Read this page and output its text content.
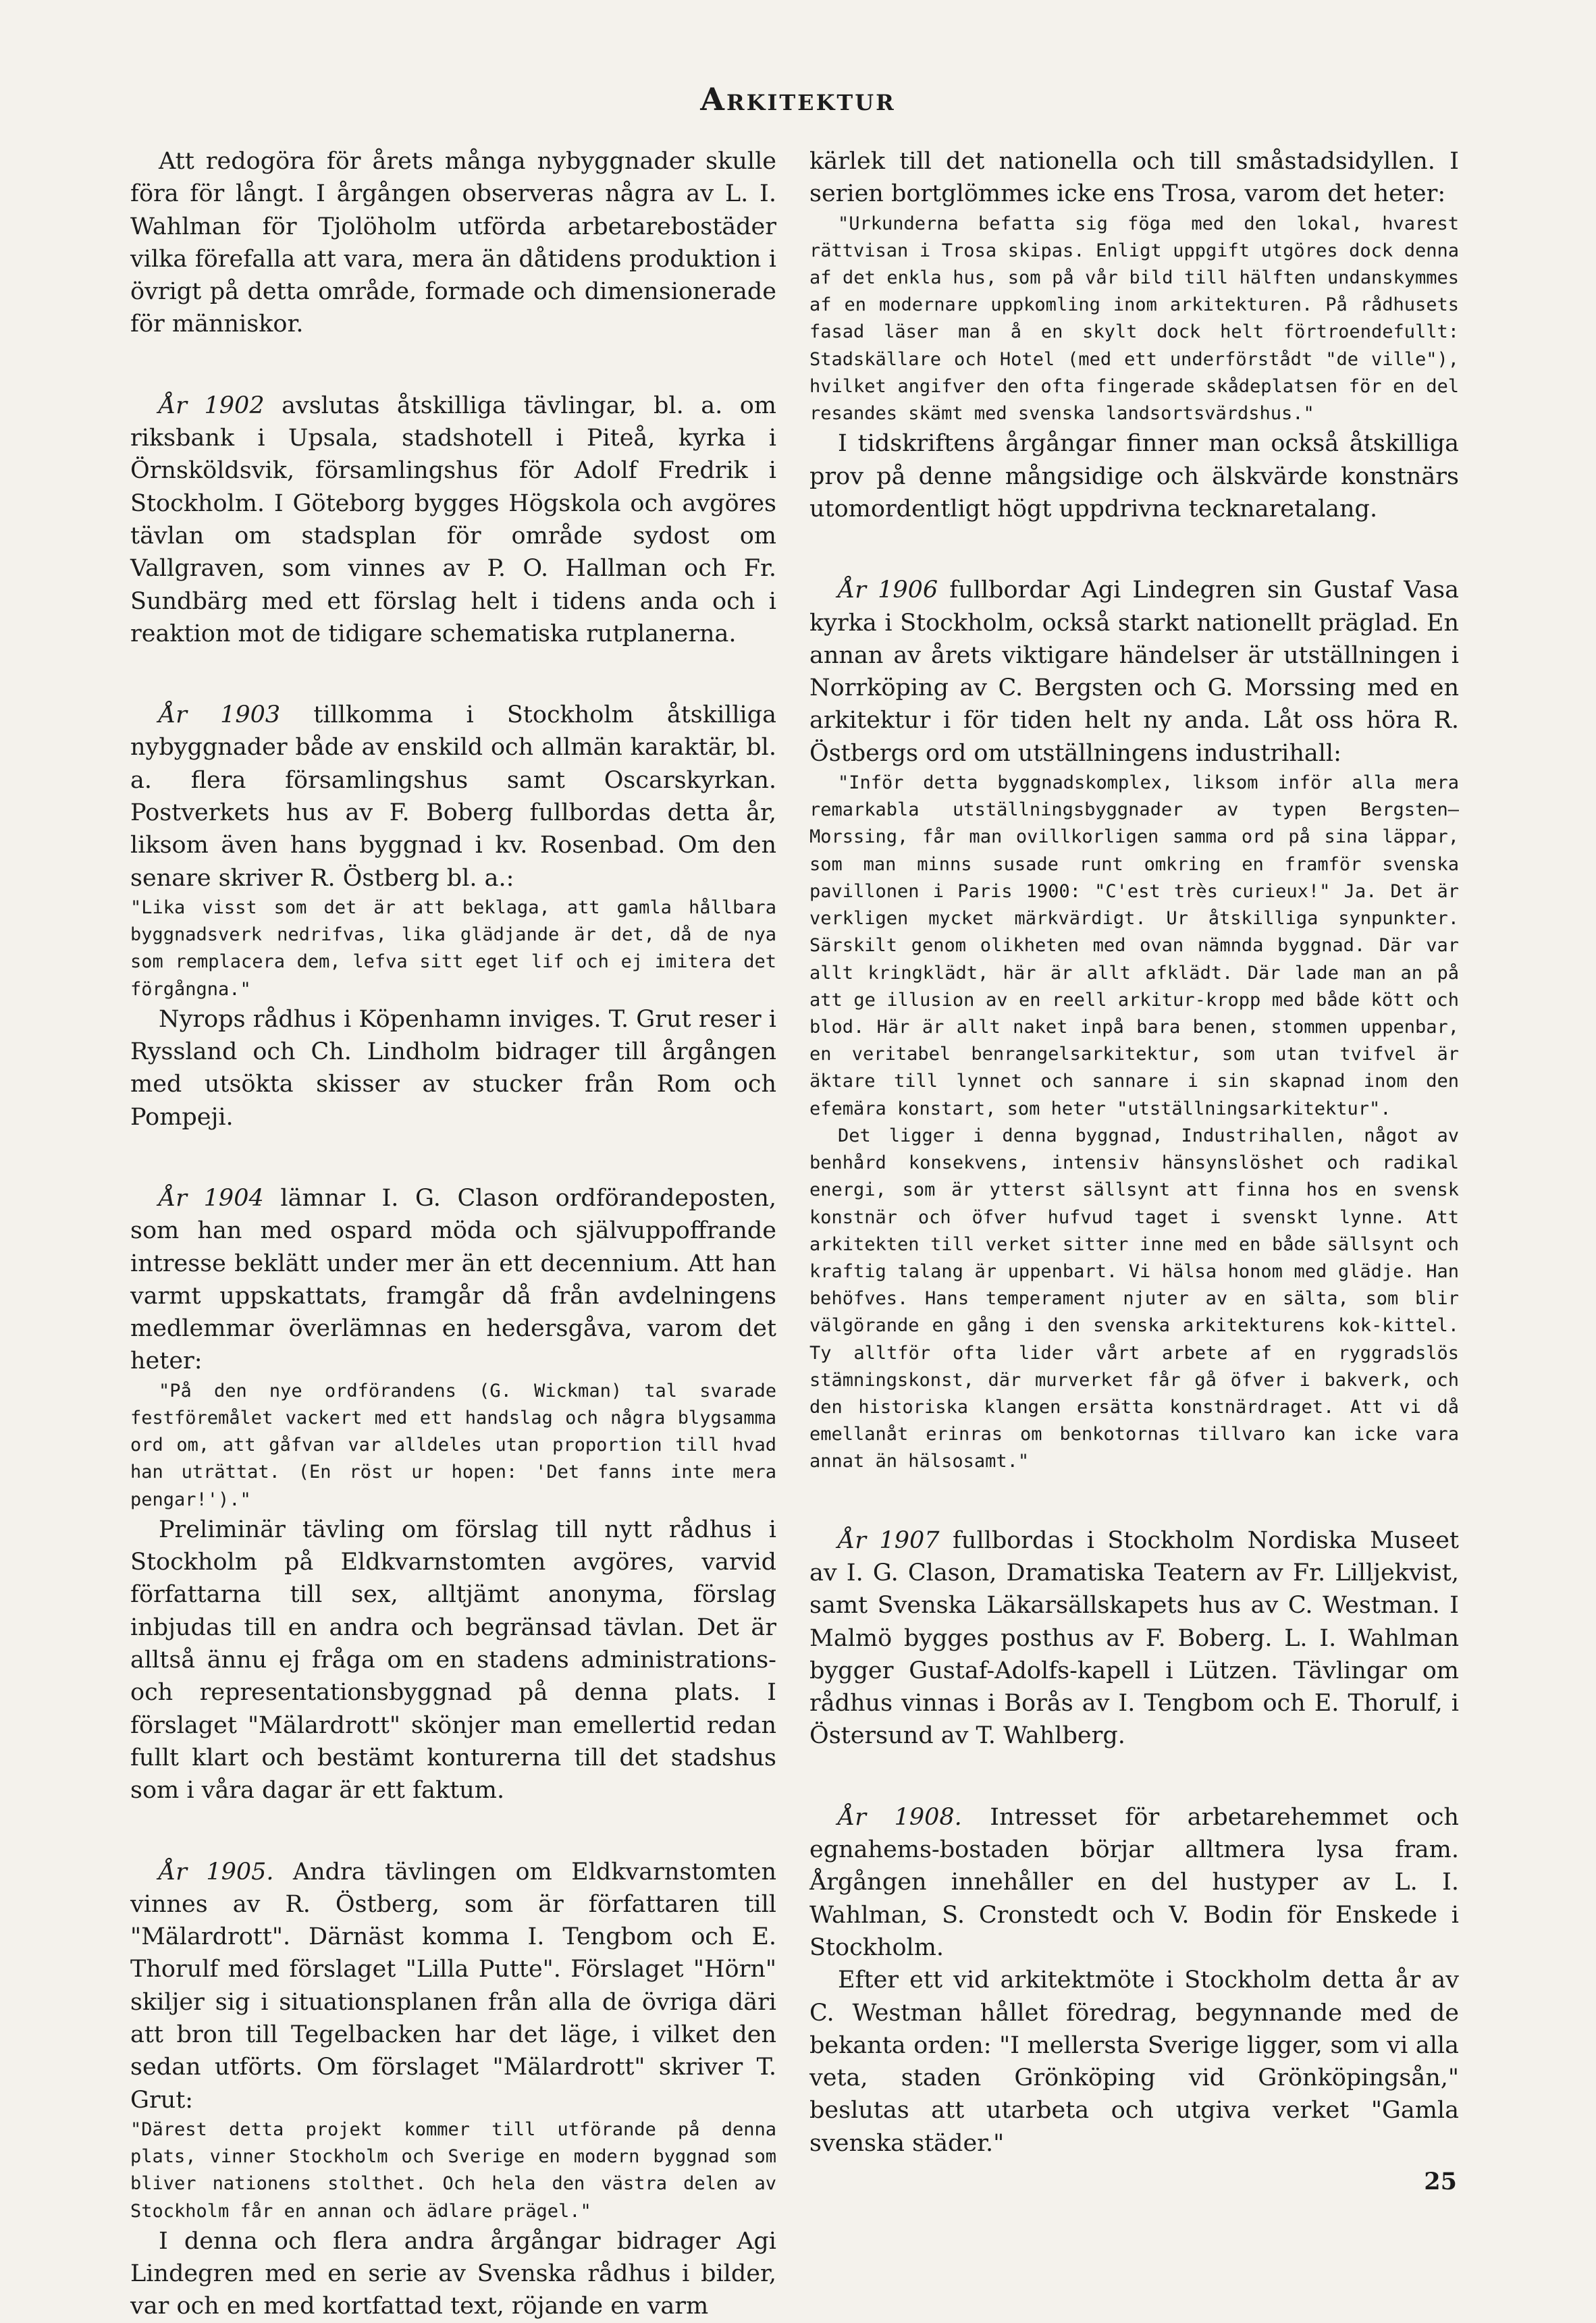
Arkitektur

Att redogöra för årets många nybyggnader skulle föra för långt. I årgången observeras några av L. I. Wahlman för Tjolöholm utförda arbetarebostäder vilka förefalla att vara, mera än dåtidens produktion i övrigt på detta område, formade och dimensionerade för människor.

År 1902 avslutas åtskilliga tävlingar, bl. a. om riksbank i Upsala, stadshotell i Piteå, kyrka i Örnsköldsvik, församlingshus för Adolf Fredrik i Stockholm. I Göteborg bygges Högskola och avgöres tävlan om stadsplan för område sydost om Vallgraven, som vinnes av P. O. Hallman och Fr. Sundbärg med ett förslag helt i tidens anda och i reaktion mot de tidigare schematiska rutplanerna.

År 1903 tillkomma i Stockholm åtskilliga nybyggnader både av enskild och allmän karaktär, bl. a. flera församlingshus samt Oscarskyrkan. Postverkets hus av F. Boberg fullbordas detta år, liksom även hans byggnad i kv. Rosenbad. Om den senare skriver R. Östberg bl. a.:

"Lika visst som det är att beklaga, att gamla hållbara byggnadsverk nedrifvas, lika glädjande är det, då de nya som remplacera dem, lefva sitt eget lif och ej imitera det förgångna."

Nyrops rådhus i Köpenhamn inviges. T. Grut reser i Ryssland och Ch. Lindholm bidrager till årgången med utsökta skisser av stucker från Rom och Pompeji.

År 1904 lämnar I. G. Clason ordförandeposten, som han med ospard möda och självuppoffrande intresse beklätt under mer än ett decennium. Att han varmt uppskattats, framgår då från avdelningens medlemmar överlämnas en hedersgåva, varom det heter:

"På den nye ordförandens (G. Wickman) tal svarade festföremålet vackert med ett handslag och några blygsamma ord om, att gåfvan var alldeles utan proportion till hvad han uträttat. (En röst ur hopen: 'Det fanns inte mera pengar!')."

Preliminär tävling om förslag till nytt rådhus i Stockholm på Eldkvarnstomten avgöres, varvid författarna till sex, alltjämt anonyma, förslag inbjudas till en andra och begränsad tävlan. Det är alltså ännu ej fråga om en stadens administrations- och representationsbyggnad på denna plats. I förslaget "Mälardrott" skönjer man emellertid redan fullt klart och bestämt konturerna till det stadshus som i våra dagar är ett faktum.

År 1905. Andra tävlingen om Eldkvarnstomten vinnes av R. Östberg, som är författaren till "Mälardrott". Därnäst komma I. Tengbom och E. Thorulf med förslaget "Lilla Putte". Förslaget "Hörn" skiljer sig i situationsplanen från alla de övriga däri att bron till Tegelbacken har det läge, i vilket den sedan utförts. Om förslaget "Mälardrott" skriver T. Grut:

"Därest detta projekt kommer till utförande på denna plats, vinner Stockholm och Sverige en modern byggnad som bliver nationens stolthet. Och hela den västra delen av Stockholm får en annan och ädlare prägel."

I denna och flera andra årgångar bidrager Agi Lindegren med en serie av Svenska rådhus i bilder, var och en med kortfattad text, röjande en varm

kärlek till det nationella och till småstadsidyllen. I serien bortglömmes icke ens Trosa, varom det heter:

"Urkunderna befatta sig föga med den lokal, hvarest rättvisan i Trosa skipas. Enligt uppgift utgöres dock denna af det enkla hus, som på vår bild till hälften undanskymmes af en modernare uppkomling inom arkitekturen. På rådhusets fasad läser man å en skylt dock helt förtroendefullt: Stadskällare och Hotel (med ett underförstådt "de ville"), hvilket angifver den ofta fingerade skådeplatsen för en del resandes skämt med svenska landsortsvärdshus."

I tidskriftens årgångar finner man också åtskilliga prov på denne mångsidige och älskvärde konstnärs utomordentligt högt uppdrivna tecknaretalang.

År 1906 fullbordar Agi Lindegren sin Gustaf Vasa kyrka i Stockholm, också starkt nationellt präglad. En annan av årets viktigare händelser är utställningen i Norrköping av C. Bergsten och G. Morssing med en arkitektur i för tiden helt ny anda. Låt oss höra R. Östbergs ord om utställningens industrihall:

"Inför detta byggnadskomplex, liksom inför alla mera remarkabla utställningsbyggnader av typen Bergsten—Morssing, får man ovillkorligen samma ord på sina läppar, som man minns susade runt omkring en framför svenska pavillonen i Paris 1900: "C'est très curieux!" Ja. Det är verkligen mycket märkvärdigt. Ur åtskilliga synpunkter. Särskilt genom olikheten med ovan nämnda byggnad. Där var allt kringklädt, här är allt afklädt. Där lade man an på att ge illusion av en reell arkitur-kropp med både kött och blod. Här är allt naket inpå bara benen, stommen uppenbar, en veritabel benrangelsarkitektur, som utan tvifvel är äktare till lynnet och sannare i sin skapnad inom den efemära konstart, som heter "utställningsarkitektur".

Det ligger i denna byggnad, Industrihallen, något av benhård konsekvens, intensiv hänsynslöshet och radikal energi, som är ytterst sällsynt att finna hos en svensk konstnär och öfver hufvud taget i svenskt lynne. Att arkitekten till verket sitter inne med en både sällsynt och kraftig talang är uppenbart. Vi hälsa honom med glädje. Han behöfves. Hans temperament njuter av en sälta, som blir välgörande en gång i den svenska arkitekturens kok-kittel. Ty alltför ofta lider vårt arbete af en ryggradslös stämningskonst, där murverket får gå öfver i bakverk, och den historiska klangen ersätta konstnärdraget. Att vi då emellanåt erinras om benkotornas tillvaro kan icke vara annat än hälsosamt."

År 1907 fullbordas i Stockholm Nordiska Museet av I. G. Clason, Dramatiska Teatern av Fr. Lilljekvist, samt Svenska Läkarsällskapets hus av C. Westman. I Malmö bygges posthus av F. Boberg. L. I. Wahlman bygger Gustaf-Adolfs-kapell i Lützen. Tävlingar om rådhus vinnas i Borås av I. Tengbom och E. Thorulf, i Östersund av T. Wahlberg.

År 1908. Intresset för arbetarehemmet och egnahems-bostaden börjar alltmera lysa fram. Årgången innehåller en del hustyper av L. I. Wahlman, S. Cronstedt och V. Bodin för Enskede i Stockholm.

Efter ett vid arkitektmöte i Stockholm detta år av C. Westman hållet föredrag, begynnande med de bekanta orden: "I mellersta Sverige ligger, som vi alla veta, staden Grönköping vid Grönköpingsån," beslutas att utarbeta och utgiva verket "Gamla svenska städer."

25
